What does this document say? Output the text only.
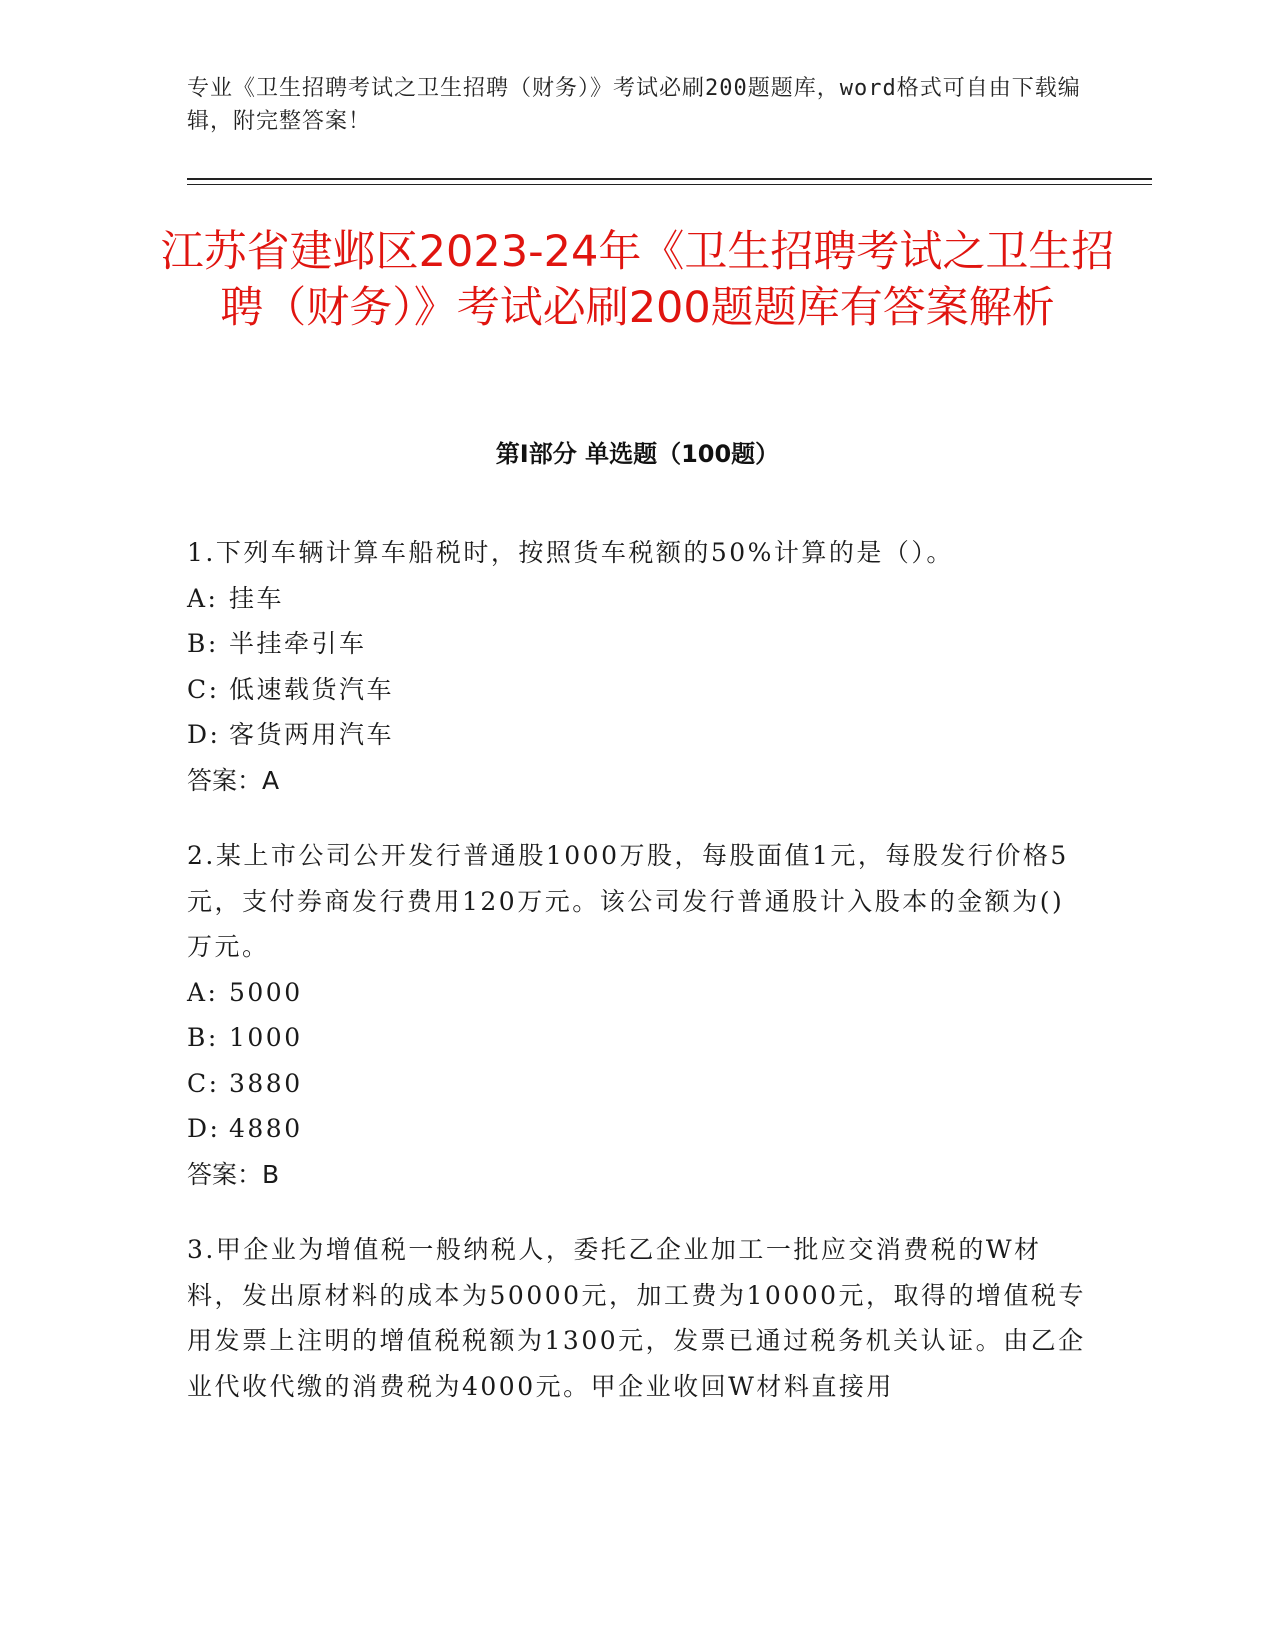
专业《卫生招聘考试之卫生招聘（财务）》考试必刷200题题库，word格式可自由下载编辑，附完整答案！
江苏省建邺区2023-24年《卫生招聘考试之卫生招聘（财务）》考试必刷200题题库有答案解析
第I部分 单选题（100题）

1.下列车辆计算车船税时，按照货车税额的50%计算的是（）。

A: 挂车

B: 半挂牵引车

C: 低速载货汽车

D: 客货两用汽车

答案：A

2.某上市公司公开发行普通股1000万股，每股面值1元，每股发行价格5元，支付券商发行费用120万元。该公司发行普通股计入股本的金额为()万元。

A: 5000

B: 1000

C: 3880

D: 4880

答案：B

3.甲企业为增值税一般纳税人，委托乙企业加工一批应交消费税的W材料，发出原材料的成本为50000元，加工费为10000元，取得的增值税专用发票上注明的增值税税额为1300元，发票已通过税务机关认证。由乙企业代收代缴的消费税为4000元。甲企业收回W材料直接用
